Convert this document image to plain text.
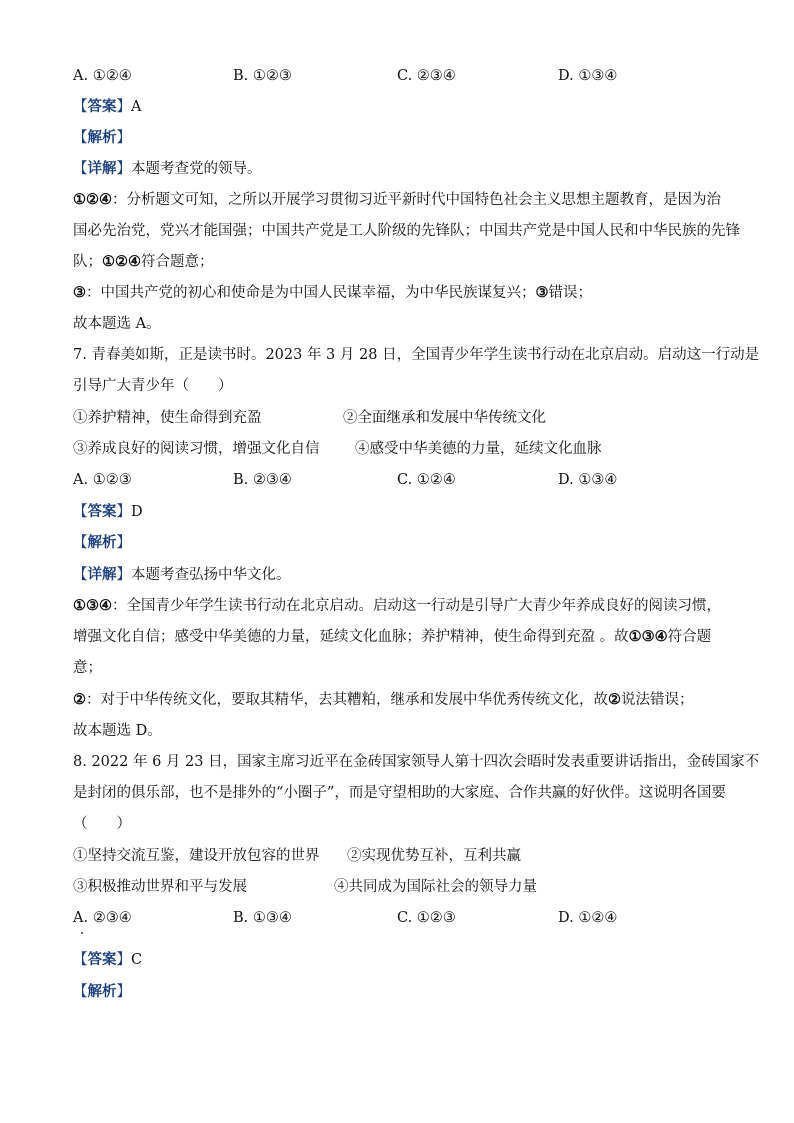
A. ①②④	B. ①②③	C. ②③④	D. ①③④
【答案】A
【解析】
【详解】本题考查党的领导。
①②④：分析题文可知，之所以开展学习贯彻习近平新时代中国特色社会主义思想主题教育，是因为治
国必先治党，党兴才能国强；中国共产党是工人阶级的先锋队；中国共产党是中国人民和中华民族的先锋
队；①②④符合题意；
③：中国共产党的初心和使命是为中国人民谋幸福，为中华民族谋复兴；③错误；
故本题选 A。
7. 青春美如斯，正是读书时。2023 年 3 月 28 日，全国青少年学生读书行动在北京启动。启动这一行动是
引导广大青少年（　　）
①养护精神，使生命得到充盈	②全面继承和发展中华传统文化
③养成良好的阅读习惯，增强文化自信 ④感受中华美德的力量，延续文化血脉
A. ①②③	B. ②③④	C. ①②④	D. ①③④
【答案】D
【解析】
【详解】本题考查弘扬中华文化。
①③④：全国青少年学生读书行动在北京启动。启动这一行动是引导广大青少年养成良好的阅读习惯，
增强文化自信；感受中华美德的力量，延续文化血脉；养护精神，使生命得到充盈 。故①③④符合题
意；
②：对于中华传统文化，要取其精华，去其糟粕，继承和发展中华优秀传统文化，故②说法错误；
故本题选 D。
8. 2022 年 6 月 23 日，国家主席习近平在金砖国家领导人第十四次会晤时发表重要讲话指出，金砖国家不
是封闭的俱乐部，也不是排外的“小圈子”，而是守望相助的大家庭、合作共赢的好伙伴。这说明各国要
（　　）
①坚持交流互鉴，建设开放包容的世界 ②实现优势互补，互利共赢
③积极推动世界和平与发展	④共同成为国际社会的领导力量
A. ②③④	B. ①③④	C. ①②③	D. ①②④
【答案】C
【解析】
